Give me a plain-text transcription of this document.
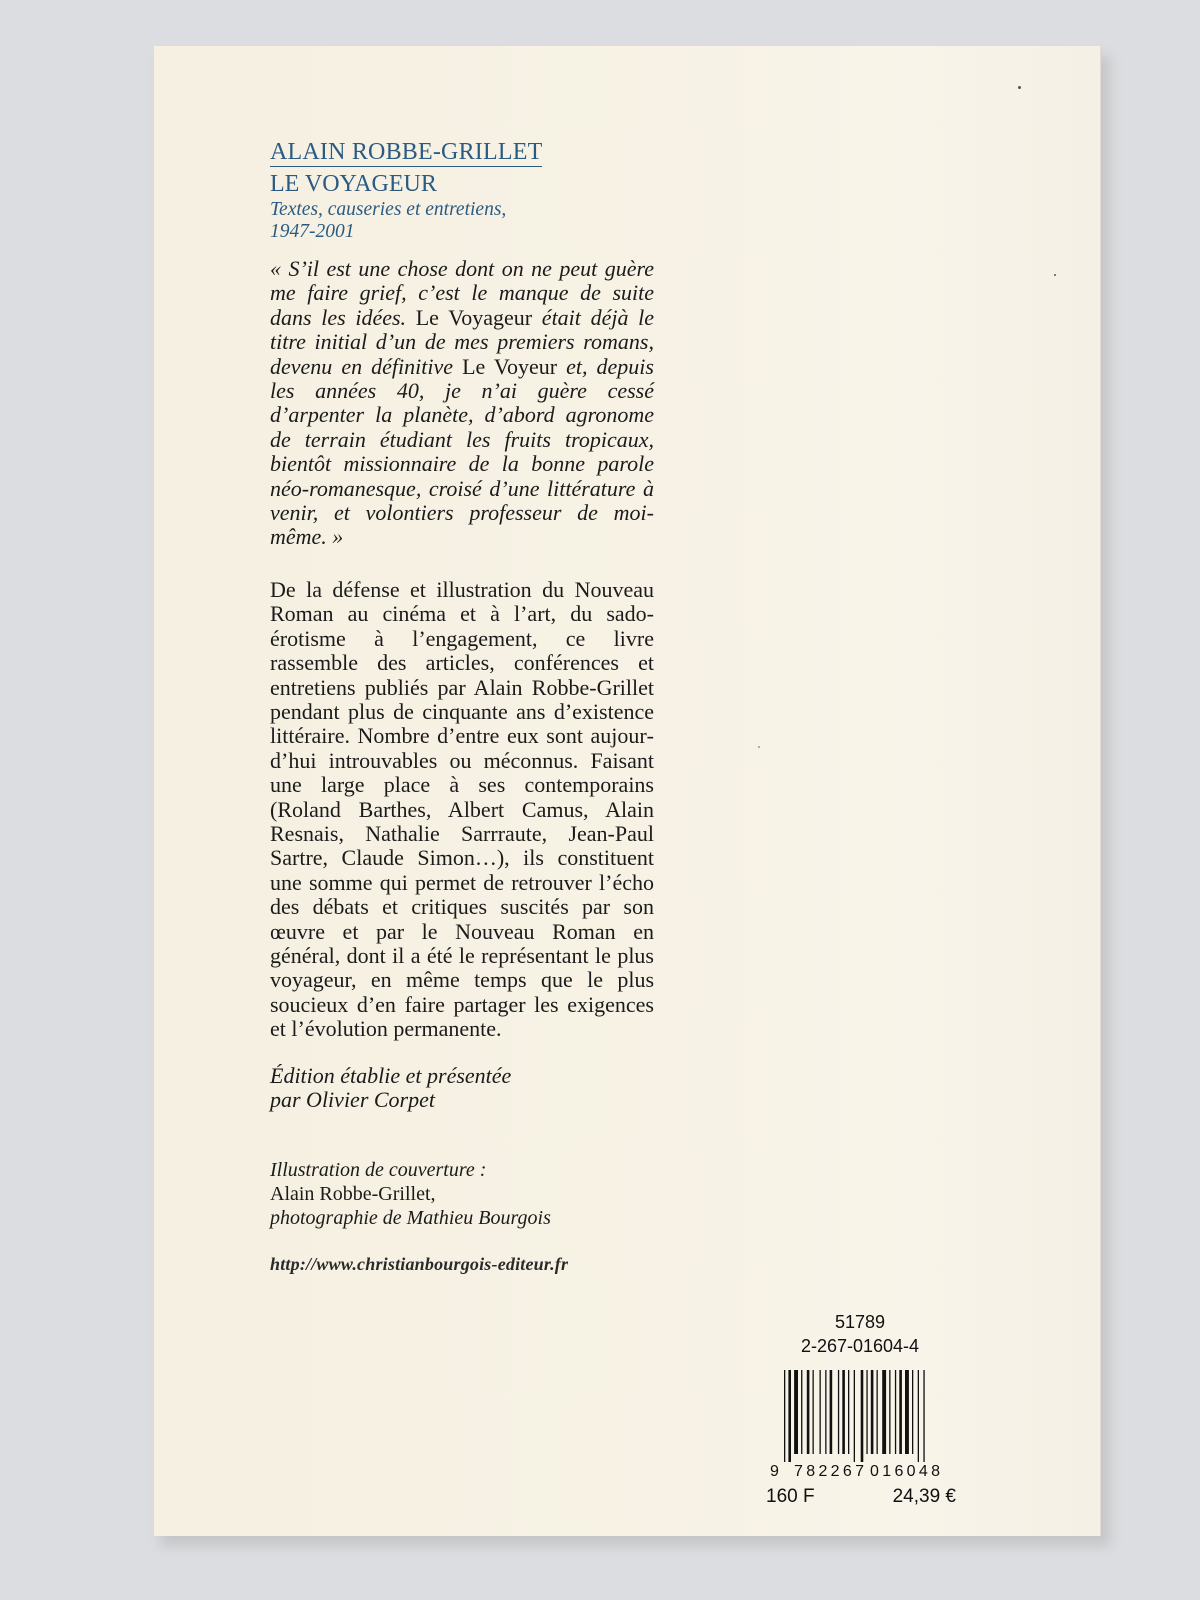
ALAIN ROBBE-GRILLET
LE VOYAGEUR
Textes, causeries et entretiens,
1947-2001
« S’il est une chose dont on ne peut guère me faire grief, c’est le manque de suite dans les idées. Le Voyageur était déjà le titre initial d’un de mes premiers romans, devenu en définitive Le Voyeur et, depuis les années 40, je n’ai guère cessé d’arpenter la planète, d’abord agronome de terrain étudiant les fruits tropicaux, bientôt missionnaire de la bonne parole néo-romanesque, croisé d’une littérature à venir, et volontiers professeur de moi-même. »
De la défense et illustration du Nouveau Roman au cinéma et à l’art, du sado-érotisme à l’engagement, ce livre rassemble des articles, conférences et entretiens publiés par Alain Robbe-Grillet pendant plus de cinquante ans d’existence littéraire. Nombre d’entre eux sont aujourd’hui introuvables ou méconnus. Faisant une large place à ses contemporains (Roland Barthes, Albert Camus, Alain Resnais, Nathalie Sarrraute, Jean-Paul Sartre, Claude Simon…), ils constituent une somme qui permet de retrouver l’écho des débats et critiques suscités par son œuvre et par le Nouveau Roman en général, dont il a été le représentant le plus voyageur, en même temps que le plus soucieux d’en faire partager les exigences et l’évolution permanente.
Édition établie et présentée
par Olivier Corpet
Illustration de couverture :
Alain Robbe-Grillet,
photographie de Mathieu Bourgois
http://www.christianbourgois-editeur.fr
51789
2-267-01604-4
9 782267 016048
160 F	24,39 €
